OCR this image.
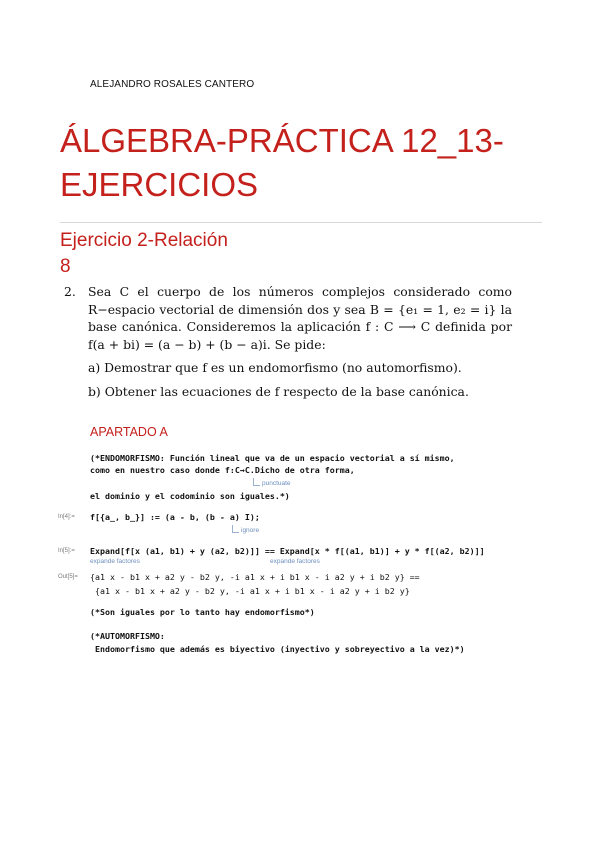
ALEJANDRO ROSALES CANTERO
ÁLGEBRA-PRÁCTICA 12_13-EJERCICIOS
Ejercicio 2-Relación
8
2. Sea C el cuerpo de los números complejos considerado como R−espacio vectorial de dimensión dos y sea B = {e₁ = 1, e₂ = i} la base canónica. Consideremos la aplicación f : C ⟶ C definida por f(a + bi) = (a − b) + (b − a)i. Se pide:
a) Demostrar que f es un endomorfismo (no automorfismo).
b) Obtener las ecuaciones de f respecto de la base canónica.
APARTADO A
(*ENDOMORFISMO: Función lineal que va de un espacio vectorial a sí mismo,
como en nuestro caso donde f:C→C.Dicho de otra forma,
punctuate
el dominio y el codominio son iguales.*)
In[4]:= f[{a_, b_}] := (a - b, (b - a) I);
ignore
In[5]:= Expand[f[x (a1, b1) + y (a2, b2)]] == Expand[x * f[(a1, b1)] + y * f[(a2, b2)]]
expande factores	expande factores
Out[5]= {a1 x - b1 x + a2 y - b2 y, -i a1 x + i b1 x - i a2 y + i b2 y} ==
{a1 x - b1 x + a2 y - b2 y, -i a1 x + i b1 x - i a2 y + i b2 y}
(*Son iguales por lo tanto hay endomorfismo*)
(*AUTOMORFISMO:
Endomorfismo que además es biyectivo (inyectivo y sobreyectivo a la vez)*)
